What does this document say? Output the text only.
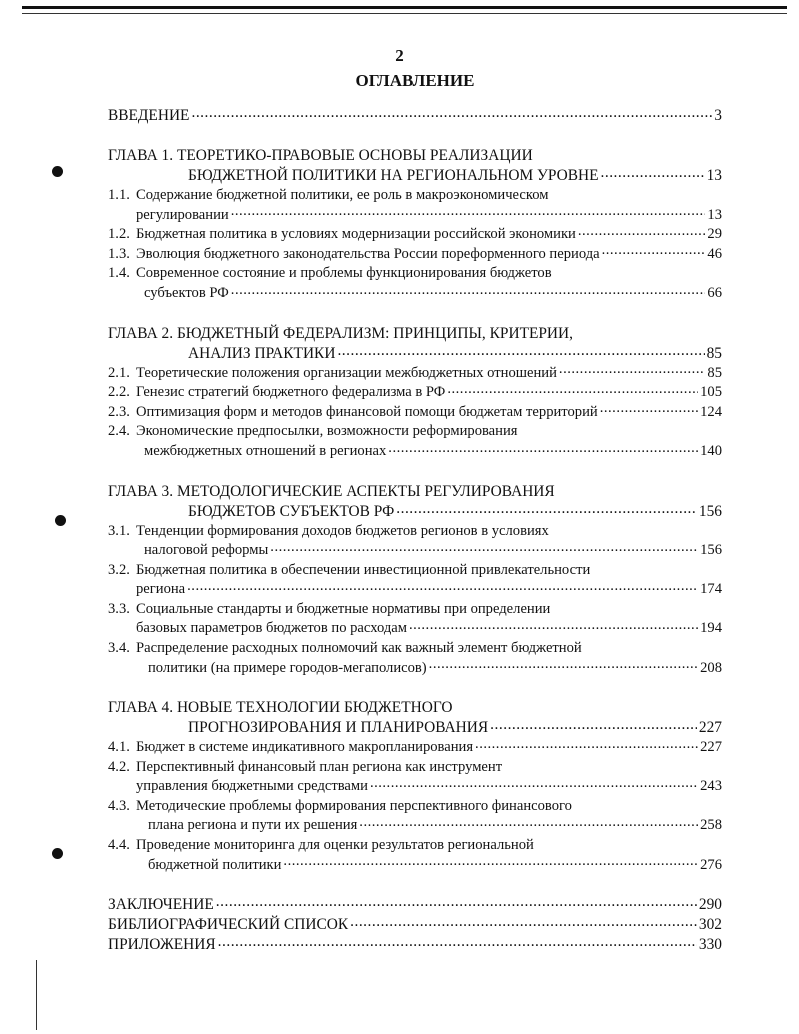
2
ОГЛАВЛЕНИЕ
ВВЕДЕНИЕ .....	3
ГЛАВА 1. ТЕОРЕТИКО-ПРАВОВЫЕ ОСНОВЫ РЕАЛИЗАЦИИ
БЮДЖЕТНОЙ ПОЛИТИКИ НА РЕГИОНАЛЬНОМ УРОВНЕ .....	13
1.1. Содержание бюджетной политики, ее роль в макроэкономическом
регулировании .....	13
1.2. Бюджетная политика в условиях модернизации российской экономики .....	29
1.3. Эволюция бюджетного законодательства России пореформенного периода .....	46
1.4. Современное состояние и проблемы функционирования бюджетов
субъектов РФ .....	66
ГЛАВА 2. БЮДЖЕТНЫЙ ФЕДЕРАЛИЗМ: ПРИНЦИПЫ, КРИТЕРИИ,
АНАЛИЗ ПРАКТИКИ .....	85
2.1. Теоретические положения организации межбюджетных отношений .....	85
2.2. Генезис стратегий бюджетного федерализма в РФ .....	105
2.3. Оптимизация форм и методов финансовой помощи бюджетам территорий .....	124
2.4. Экономические предпосылки, возможности реформирования
межбюджетных отношений в регионах .....	140
ГЛАВА 3. МЕТОДОЛОГИЧЕСКИЕ АСПЕКТЫ РЕГУЛИРОВАНИЯ
БЮДЖЕТОВ СУБЪЕКТОВ РФ .....	156
3.1. Тенденции формирования доходов бюджетов регионов в условиях
налоговой реформы .....	156
3.2. Бюджетная политика в обеспечении инвестиционной привлекательности
региона .....	174
3.3. Социальные стандарты и бюджетные нормативы при определении
базовых параметров бюджетов по расходам .....	194
3.4. Распределение расходных полномочий как важный элемент бюджетной
политики (на примере городов-мегаполисов) .....	208
ГЛАВА 4. НОВЫЕ ТЕХНОЛОГИИ БЮДЖЕТНОГО
ПРОГНОЗИРОВАНИЯ И ПЛАНИРОВАНИЯ .....	227
4.1. Бюджет в системе индикативного макропланирования .....	227
4.2. Перспективный финансовый план региона как инструмент
управления бюджетными средствами .....	243
4.3. Методические проблемы формирования перспективного финансового
плана региона и пути их решения .....	258
4.4. Проведение мониторинга для оценки результатов региональной
бюджетной политики .....	276
ЗАКЛЮЧЕНИЕ .....	290
БИБЛИОГРАФИЧЕСКИЙ СПИСОК .....	302
ПРИЛОЖЕНИЯ .....	330
